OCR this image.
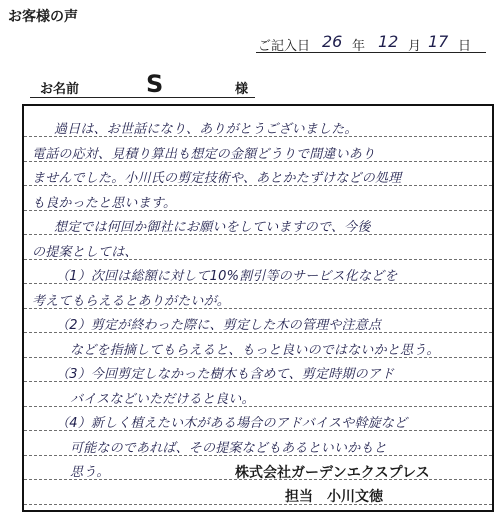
お客様の声
ご記入日 26 年 12 月 17 日
お名前	S	様
過日は、お世話になり、ありがとうございました。
電話の応対、見積り算出も想定の金額どうりで間違いあり
ませんでした。小川氏の剪定技術や、あとかたずけなどの処理
も良かったと思います。
想定では何回か御社にお願いをしていますので、今後
の提案としては、
（1）次回は総額に対して10%割引等のサービス化などを
考えてもらえるとありがたいが。
（2）剪定が終わった際に、剪定した木の管理や注意点
などを指摘してもらえると、もっと良いのではないかと思う。
（3）今回剪定しなかった樹木も含めて、剪定時期のアド
バイスなどいただけると良い。
（4）新しく植えたい木がある場合のアドバイスや斡旋など
可能なのであれば、その提案などもあるといいかもと
思う。	株式会社ガーデンエクスプレス
担当　小川文徳
